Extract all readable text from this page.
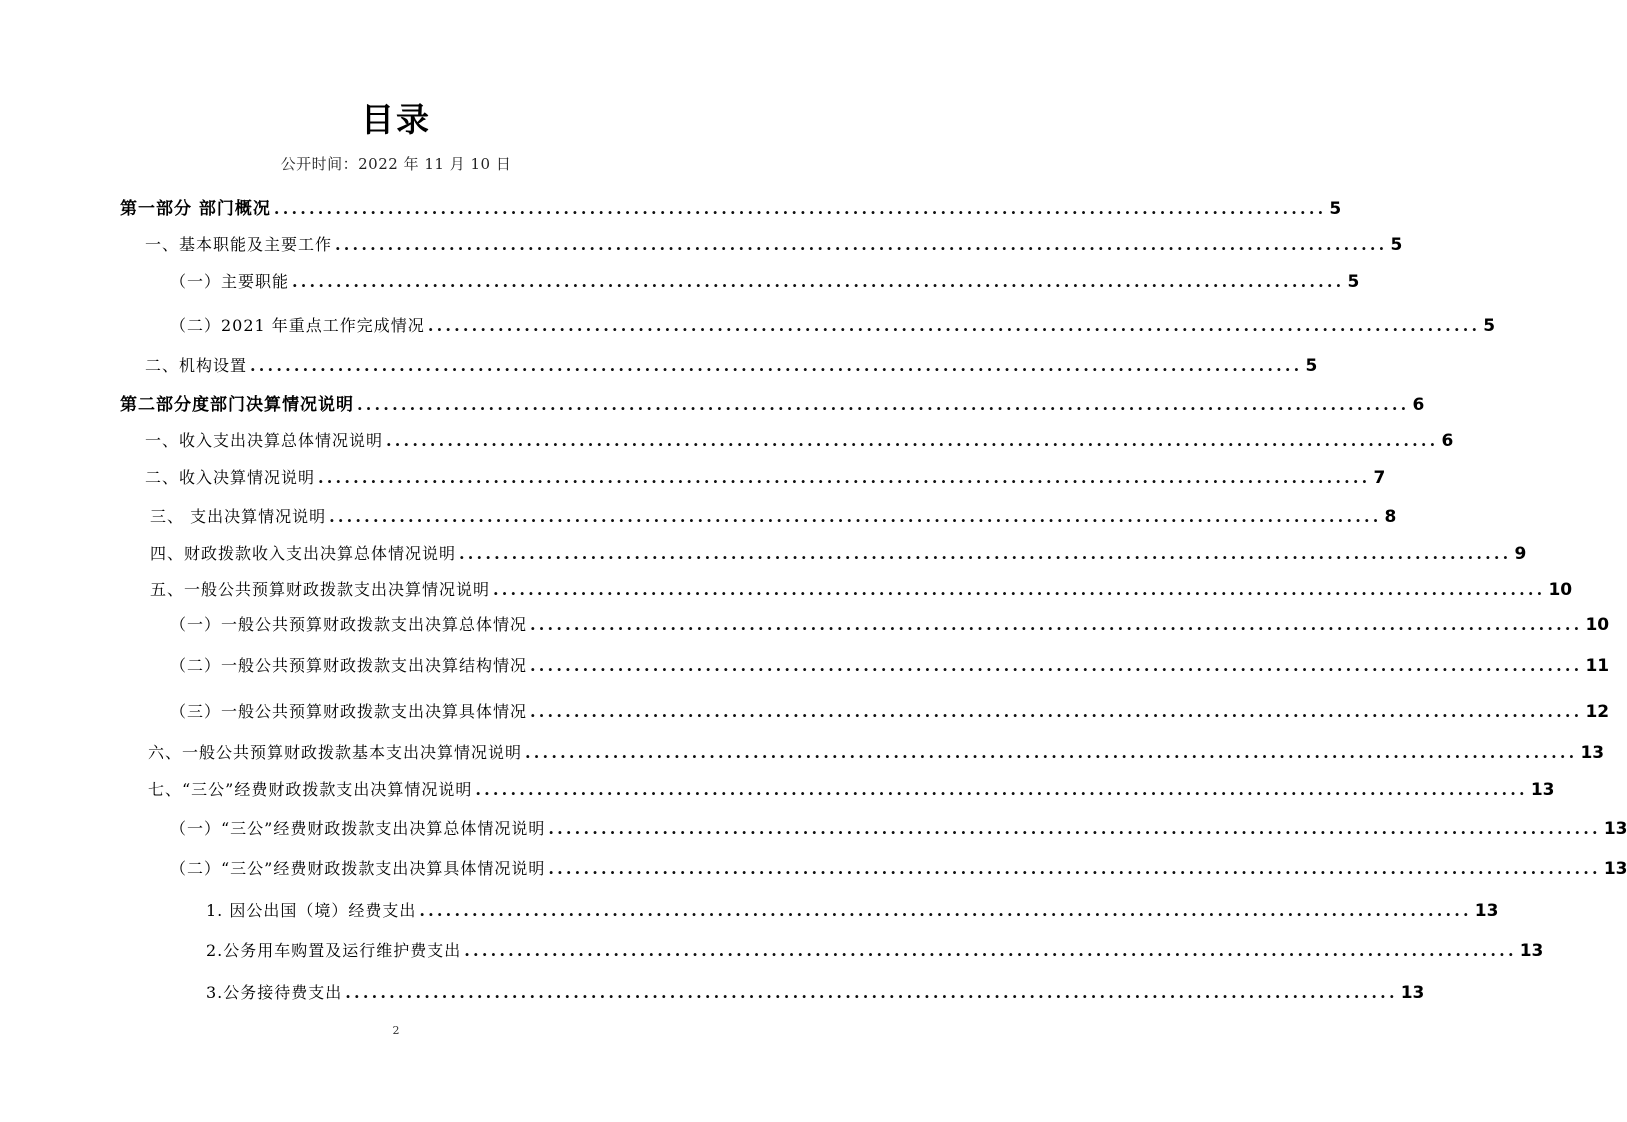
目录
公开时间：2022 年 11 月 10 日
第一部分 部门概况 ........................................................................................................................ 5
一、基本职能及主要工作 ........................................................................................................................ 5
（一）主要职能 ........................................................................................................................ 5
（二）2021 年重点工作完成情况 ........................................................................................................................ 5
二、机构设置 ........................................................................................................................ 5
第二部分度部门决算情况说明 ........................................................................................................................ 6
一、收入支出决算总体情况说明 ........................................................................................................................ 6
二、收入决算情况说明 ........................................................................................................................ 7
三、 支出决算情况说明 ........................................................................................................................ 8
四、财政拨款收入支出决算总体情况说明 ........................................................................................................................ 9
五、一般公共预算财政拨款支出决算情况说明 ........................................................................................................................ 10
（一）一般公共预算财政拨款支出决算总体情况 ........................................................................................................................ 10
（二）一般公共预算财政拨款支出决算结构情况 ........................................................................................................................ 11
（三）一般公共预算财政拨款支出决算具体情况 ........................................................................................................................ 12
六、一般公共预算财政拨款基本支出决算情况说明 ........................................................................................................................ 13
七、“三公”经费财政拨款支出决算情况说明 ........................................................................................................................ 13
（一）“三公”经费财政拨款支出决算总体情况说明 ........................................................................................................................ 13
（二）“三公”经费财政拨款支出决算具体情况说明 ........................................................................................................................ 13
1. 因公出国（境）经费支出 ........................................................................................................................ 13
2.公务用车购置及运行维护费支出 ........................................................................................................................ 13
3.公务接待费支出 ........................................................................................................................ 13
2
